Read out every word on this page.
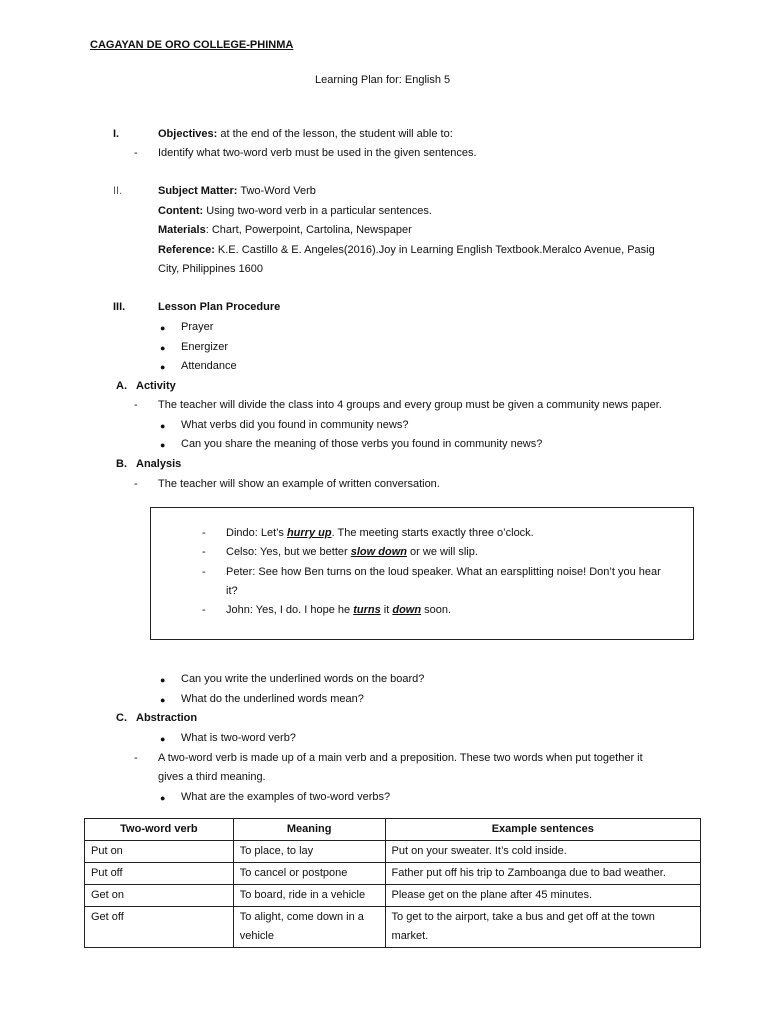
CAGAYAN DE ORO COLLEGE-PHINMA
Learning Plan for: English 5
I.	Objectives: at the end of the lesson, the student will able to:
- Identify what two-word verb must be used in the given sentences.
II.	Subject Matter: Two-Word Verb
Content: Using two-word verb in a particular sentences.
Materials: Chart, Powerpoint, Cartolina, Newspaper
Reference: K.E. Castillo & E. Angeles(2016).Joy in Learning English Textbook.Meralco Avenue, Pasig
City, Philippines 1600
III.	Lesson Plan Procedure
● Prayer
● Energizer
● Attendance
A. Activity
- The teacher will divide the class into 4 groups and every group must be given a community news paper.
● What verbs did you found in community news?
● Can you share the meaning of those verbs you found in community news?
B. Analysis
- The teacher will show an example of written conversation.
- Dindo: Let’s hurry up. The meeting starts exactly three o’clock.
- Celso: Yes, but we better slow down or we will slip.
- Peter: See how Ben turns on the loud speaker. What an earsplitting noise! Don’t you hear
it?
- John: Yes, I do. I hope he turns it down soon.
● Can you write the underlined words on the board?
● What do the underlined words mean?
C. Abstraction
● What is two-word verb?
- A two-word verb is made up of a main verb and a preposition. These two words when put together it
gives a third meaning.
● What are the examples of two-word verbs?
Two-word verb	Meaning	Example sentences
Put on	To place, to lay	Put on your sweater. It’s cold inside.
Put off	To cancel or postpone	Father put off his trip to Zamboanga due to bad weather.
Get on	To board, ride in a vehicle	Please get on the plane after 45 minutes.
Get off	To alight, come down in a vehicle	To get to the airport, take a bus and get off at the town market.
